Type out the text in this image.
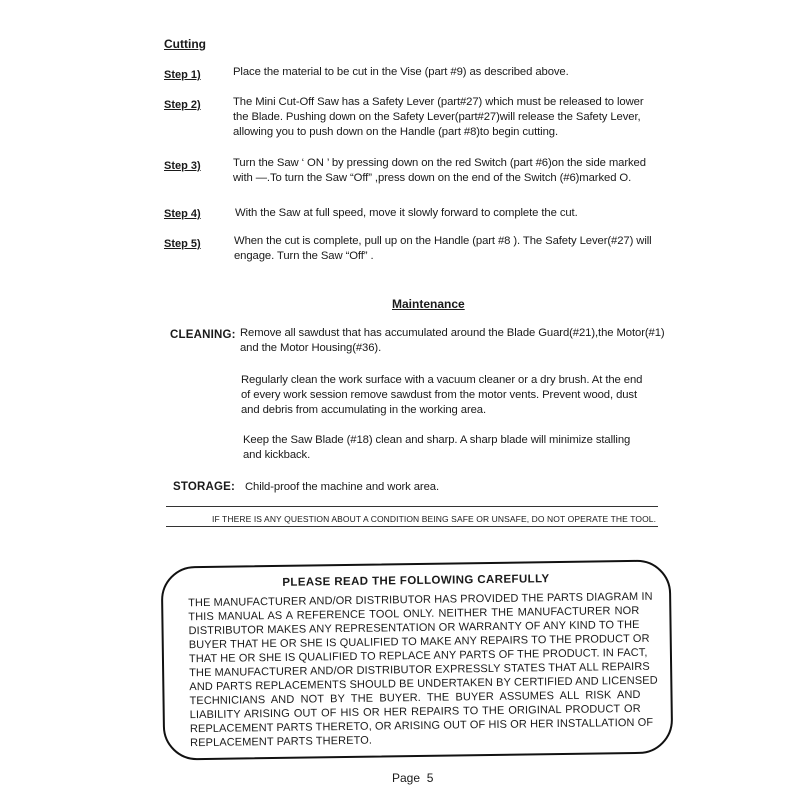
Cutting
Step 1)	Place the material to be cut in the Vise (part #9) as described above.
Step 2)	The Mini Cut-Off Saw has a Safety Lever (part#27) which must be released to lower
the Blade. Pushing down on the Safety Lever(part#27)will release the Safety Lever,
allowing you to push down on the Handle (part #8)to begin cutting.
Step 3)	Turn the Saw ‘ ON ’ by pressing down on the red Switch (part #6)on the side marked
with —.To turn the Saw “Off” ,press down on the end of the Switch (#6)marked O.
Step 4)	With the Saw at full speed, move it slowly forward to complete the cut.
Step 5)	When the cut is complete, pull up on the Handle (part #8 ). The Safety Lever(#27) will
engage. Turn the Saw “Off” .
Maintenance
CLEANING: Remove all sawdust that has accumulated around the Blade Guard(#21),the Motor(#1)
and the Motor Housing(#36).
Regularly clean the work surface with a vacuum cleaner or a dry brush. At the end
of every work session remove sawdust from the motor vents. Prevent wood, dust
and debris from accumulating in the working area.
Keep the Saw Blade (#18) clean and sharp. A sharp blade will minimize stalling
and kickback.
STORAGE: Child-proof the machine and work area.
IF THERE IS ANY QUESTION ABOUT A CONDITION BEING SAFE OR UNSAFE, DO NOT OPERATE THE TOOL.
PLEASE READ THE FOLLOWING CAREFULLY
THE MANUFACTURER AND/OR DISTRIBUTOR HAS PROVIDED THE PARTS DIAGRAM IN
THIS MANUAL AS A REFERENCE TOOL ONLY. NEITHER THE MANUFACTURER NOR
DISTRIBUTOR MAKES ANY REPRESENTATION OR WARRANTY OF ANY KIND TO THE
BUYER THAT HE OR SHE IS QUALIFIED TO MAKE ANY REPAIRS TO THE PRODUCT OR
THAT HE OR SHE IS QUALIFIED TO REPLACE ANY PARTS OF THE PRODUCT. IN FACT,
THE MANUFACTURER AND/OR DISTRIBUTOR EXPRESSLY STATES THAT ALL REPAIRS
AND PARTS REPLACEMENTS SHOULD BE UNDERTAKEN BY CERTIFIED AND LICENSED
TECHNICIANS AND NOT BY THE BUYER. THE BUYER ASSUMES ALL RISK AND
LIABILITY ARISING OUT OF HIS OR HER REPAIRS TO THE ORIGINAL PRODUCT OR
REPLACEMENT PARTS THERETO, OR ARISING OUT OF HIS OR HER INSTALLATION OF
REPLACEMENT PARTS THERETO.
Page  5
